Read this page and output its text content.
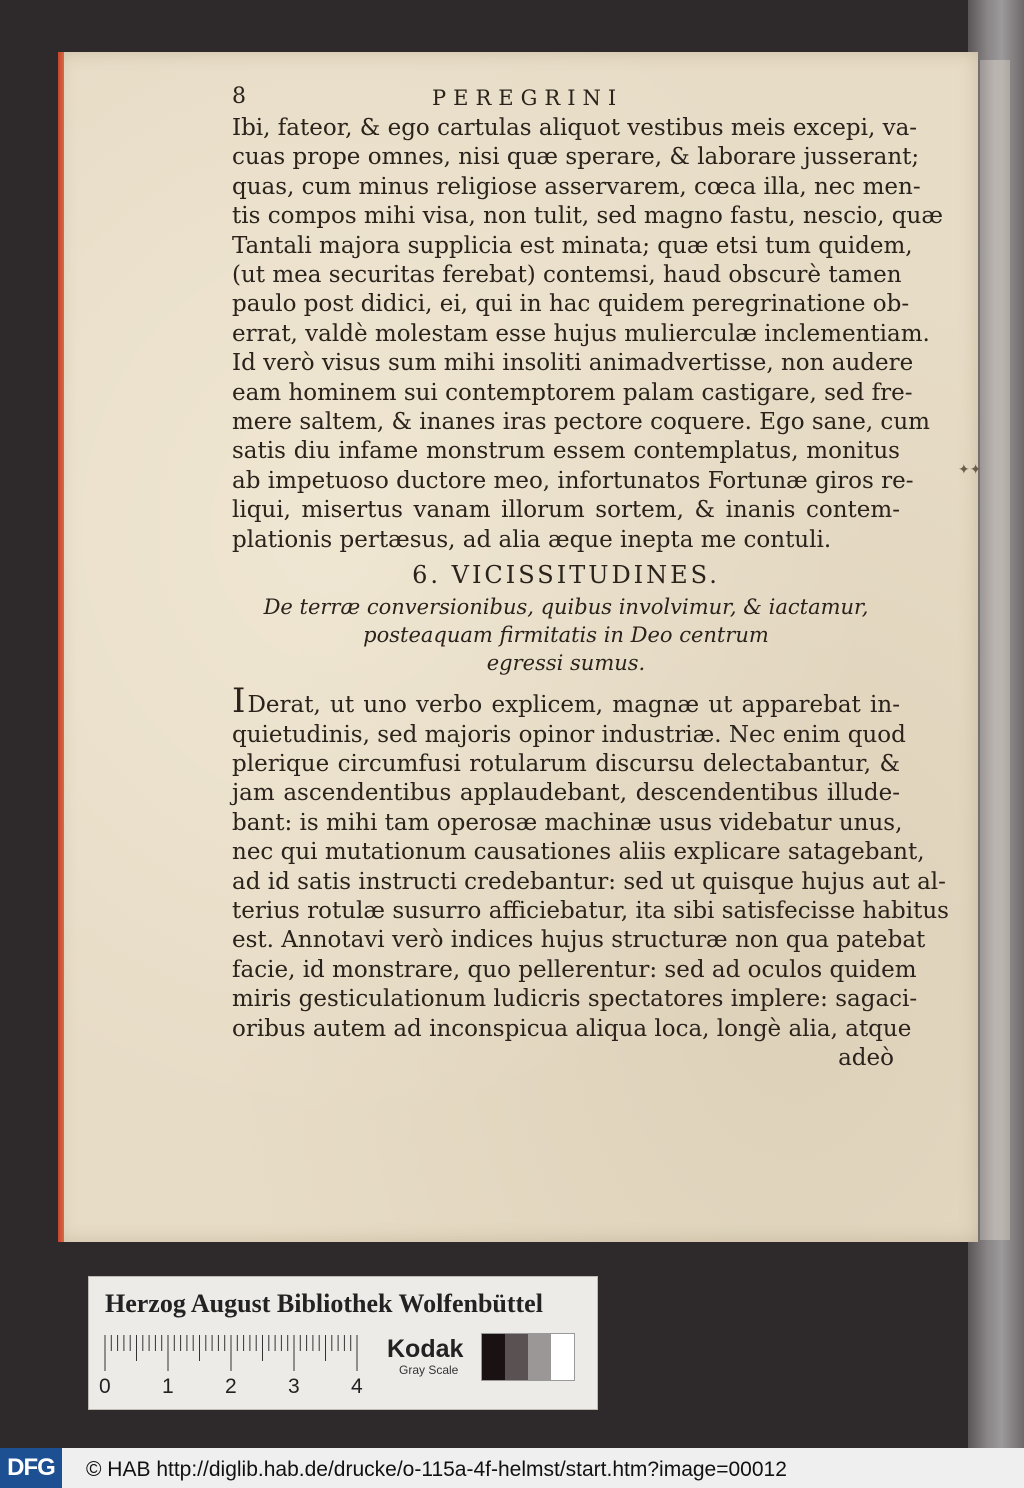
8	PEREGRINI
Ibi, fateor, & ego cartulas aliquot vestibus meis excepi, va-
cuas prope omnes, nisi quæ sperare, & laborare jusserant;
quas, cum minus religiose asservarem, cœca illa, nec men-
tis compos mihi visa, non tulit, sed magno fastu, nescio, quæ
Tantali majora supplicia est minata; quæ etsi tum quidem,
(ut mea securitas ferebat) contemsi, haud obscurè tamen
paulo post didici, ei, qui in hac quidem peregrinatione ob-
errat, valdè molestam esse hujus mulierculæ inclementiam.
Id verò visus sum mihi insoliti animadvertisse, non audere
eam hominem sui contemptorem palam castigare, sed fre-
mere saltem, & inanes iras pectore coquere. Ego sane, cum
satis diu infame monstrum essem contemplatus, monitus
ab impetuoso ductore meo, infortunatos Fortunæ giros re-
liqui, misertus vanam illorum sortem, & inanis contem-
plationis pertæsus, ad alia æque inepta me contuli.
6. VICISSITUDINES.
De terræ conversionibus, quibus involvimur, & iactamur,
posteaquam firmitatis in Deo centrum
egressi sumus.
IDerat, ut uno verbo explicem, magnæ ut apparebat in-
quietudinis, sed majoris opinor industriæ. Nec enim quod
plerique circumfusi rotularum discursu delectabantur, &
jam ascendentibus applaudebant, descendentibus illude-
bant: is mihi tam operosæ machinæ usus videbatur unus,
nec qui mutationum causationes aliis explicare satagebant,
ad id satis instructi credebantur: sed ut quisque hujus aut al-
terius rotulæ susurro afficiebatur, ita sibi satisfecisse habitus
est. Annotavi verò indices hujus structuræ non qua patebat
facie, id monstrare, quo pellerentur: sed ad oculos quidem
miris gesticulationum ludicris spectatores implere: sagaci-
oribus autem ad inconspicua aliqua loca, longè alia, atque
adeò
✦✦
Herzog August Bibliothek Wolfenbüttel
0 1 2 3 4
Kodak
Gray Scale
DFG	© HAB http://diglib.hab.de/drucke/o-115a-4f-helmst/start.htm?image=00012
